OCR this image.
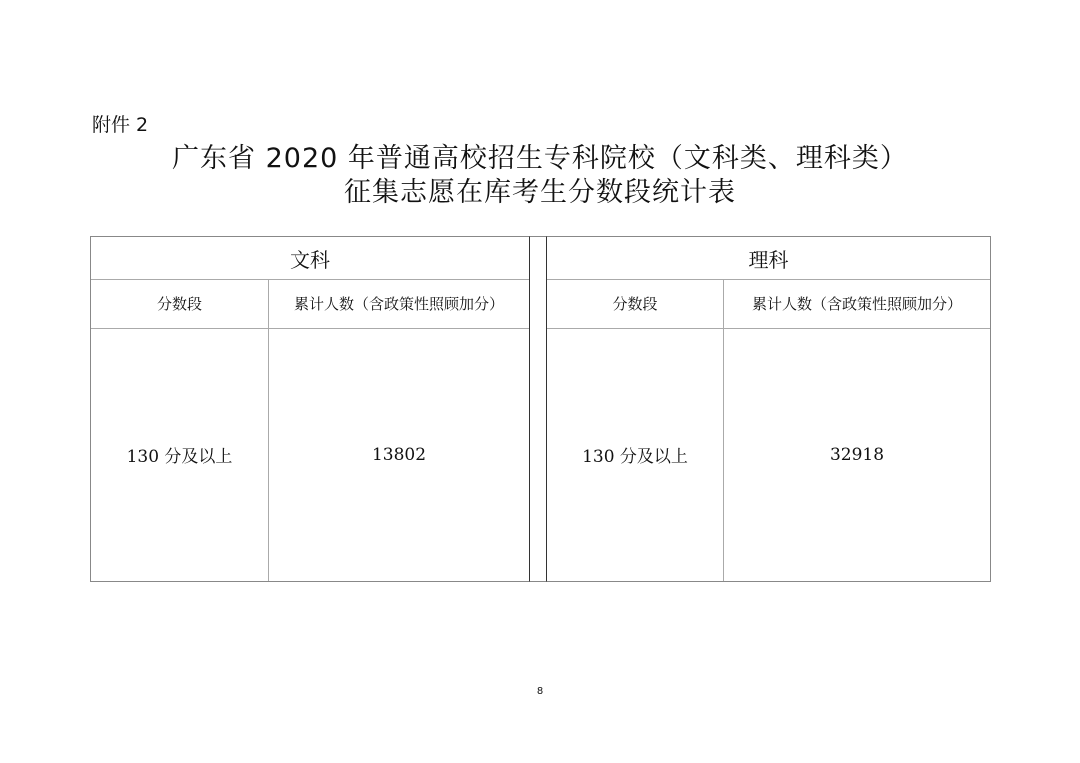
附件 2
广东省 2020 年普通高校招生专科院校（文科类、理科类）
征集志愿在库考生分数段统计表
文科
分数段	累计人数（含政策性照顾加分）
130 分及以上	13802
理科
分数段	累计人数（含政策性照顾加分）
130 分及以上	32918
8
